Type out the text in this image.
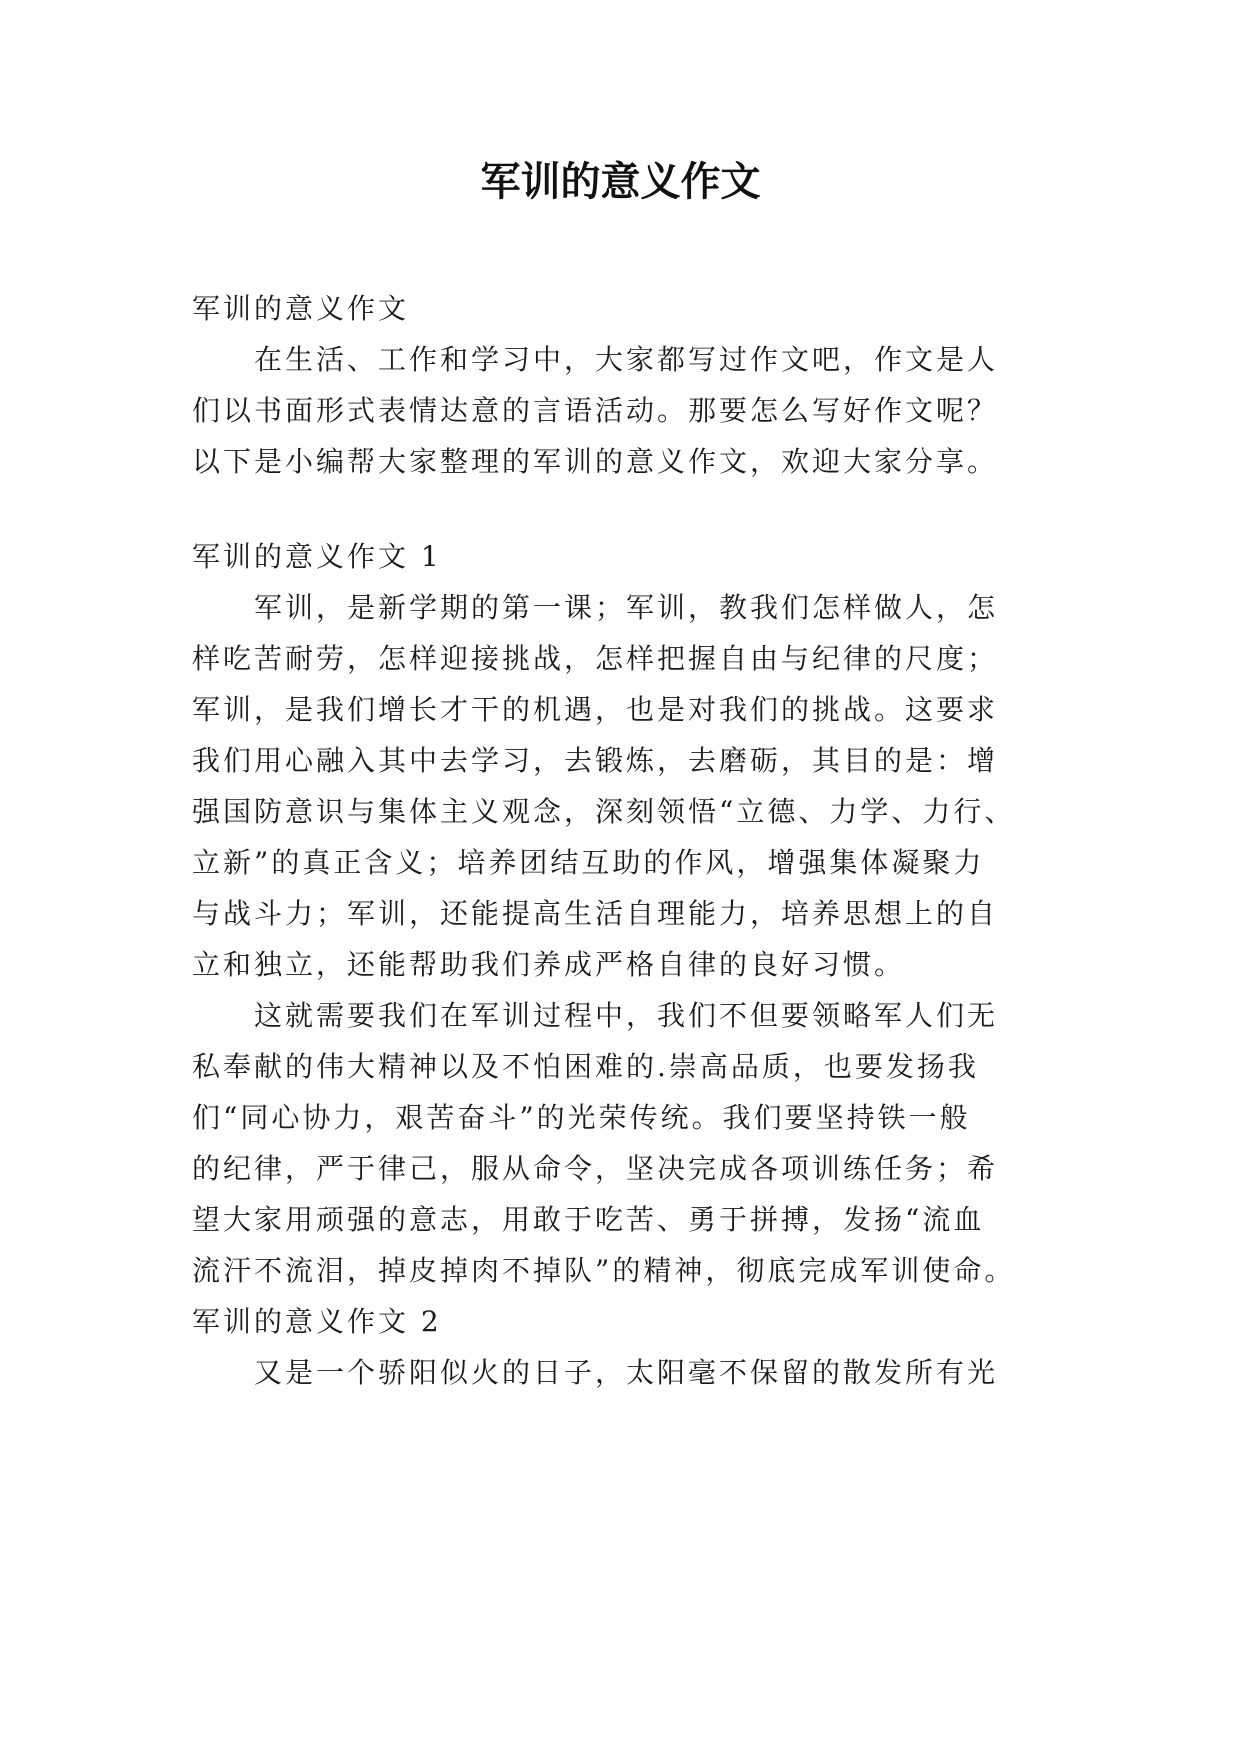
军训的意义作文

军训的意义作文

在生活、工作和学习中，大家都写过作文吧，作文是人

们以书面形式表情达意的言语活动。那要怎么写好作文呢？

以下是小编帮大家整理的军训的意义作文，欢迎大家分享。

军训的意义作文 1

军训，是新学期的第一课；军训，教我们怎样做人，怎

样吃苦耐劳，怎样迎接挑战，怎样把握自由与纪律的尺度；

军训，是我们增长才干的机遇，也是对我们的挑战。这要求

我们用心融入其中去学习，去锻炼，去磨砺，其目的是：增

强国防意识与集体主义观念，深刻领悟“立德、力学、力行、

立新”的真正含义；培养团结互助的作风，增强集体凝聚力

与战斗力；军训，还能提高生活自理能力，培养思想上的自

立和独立，还能帮助我们养成严格自律的良好习惯。

这就需要我们在军训过程中，我们不但要领略军人们无

私奉献的伟大精神以及不怕困难的.崇高品质，也要发扬我

们“同心协力，艰苦奋斗”的光荣传统。我们要坚持铁一般

的纪律，严于律己，服从命令，坚决完成各项训练任务；希

望大家用顽强的意志，用敢于吃苦、勇于拼搏，发扬“流血

流汗不流泪，掉皮掉肉不掉队”的精神，彻底完成军训使命。

军训的意义作文 2

又是一个骄阳似火的日子，太阳毫不保留的散发所有光
